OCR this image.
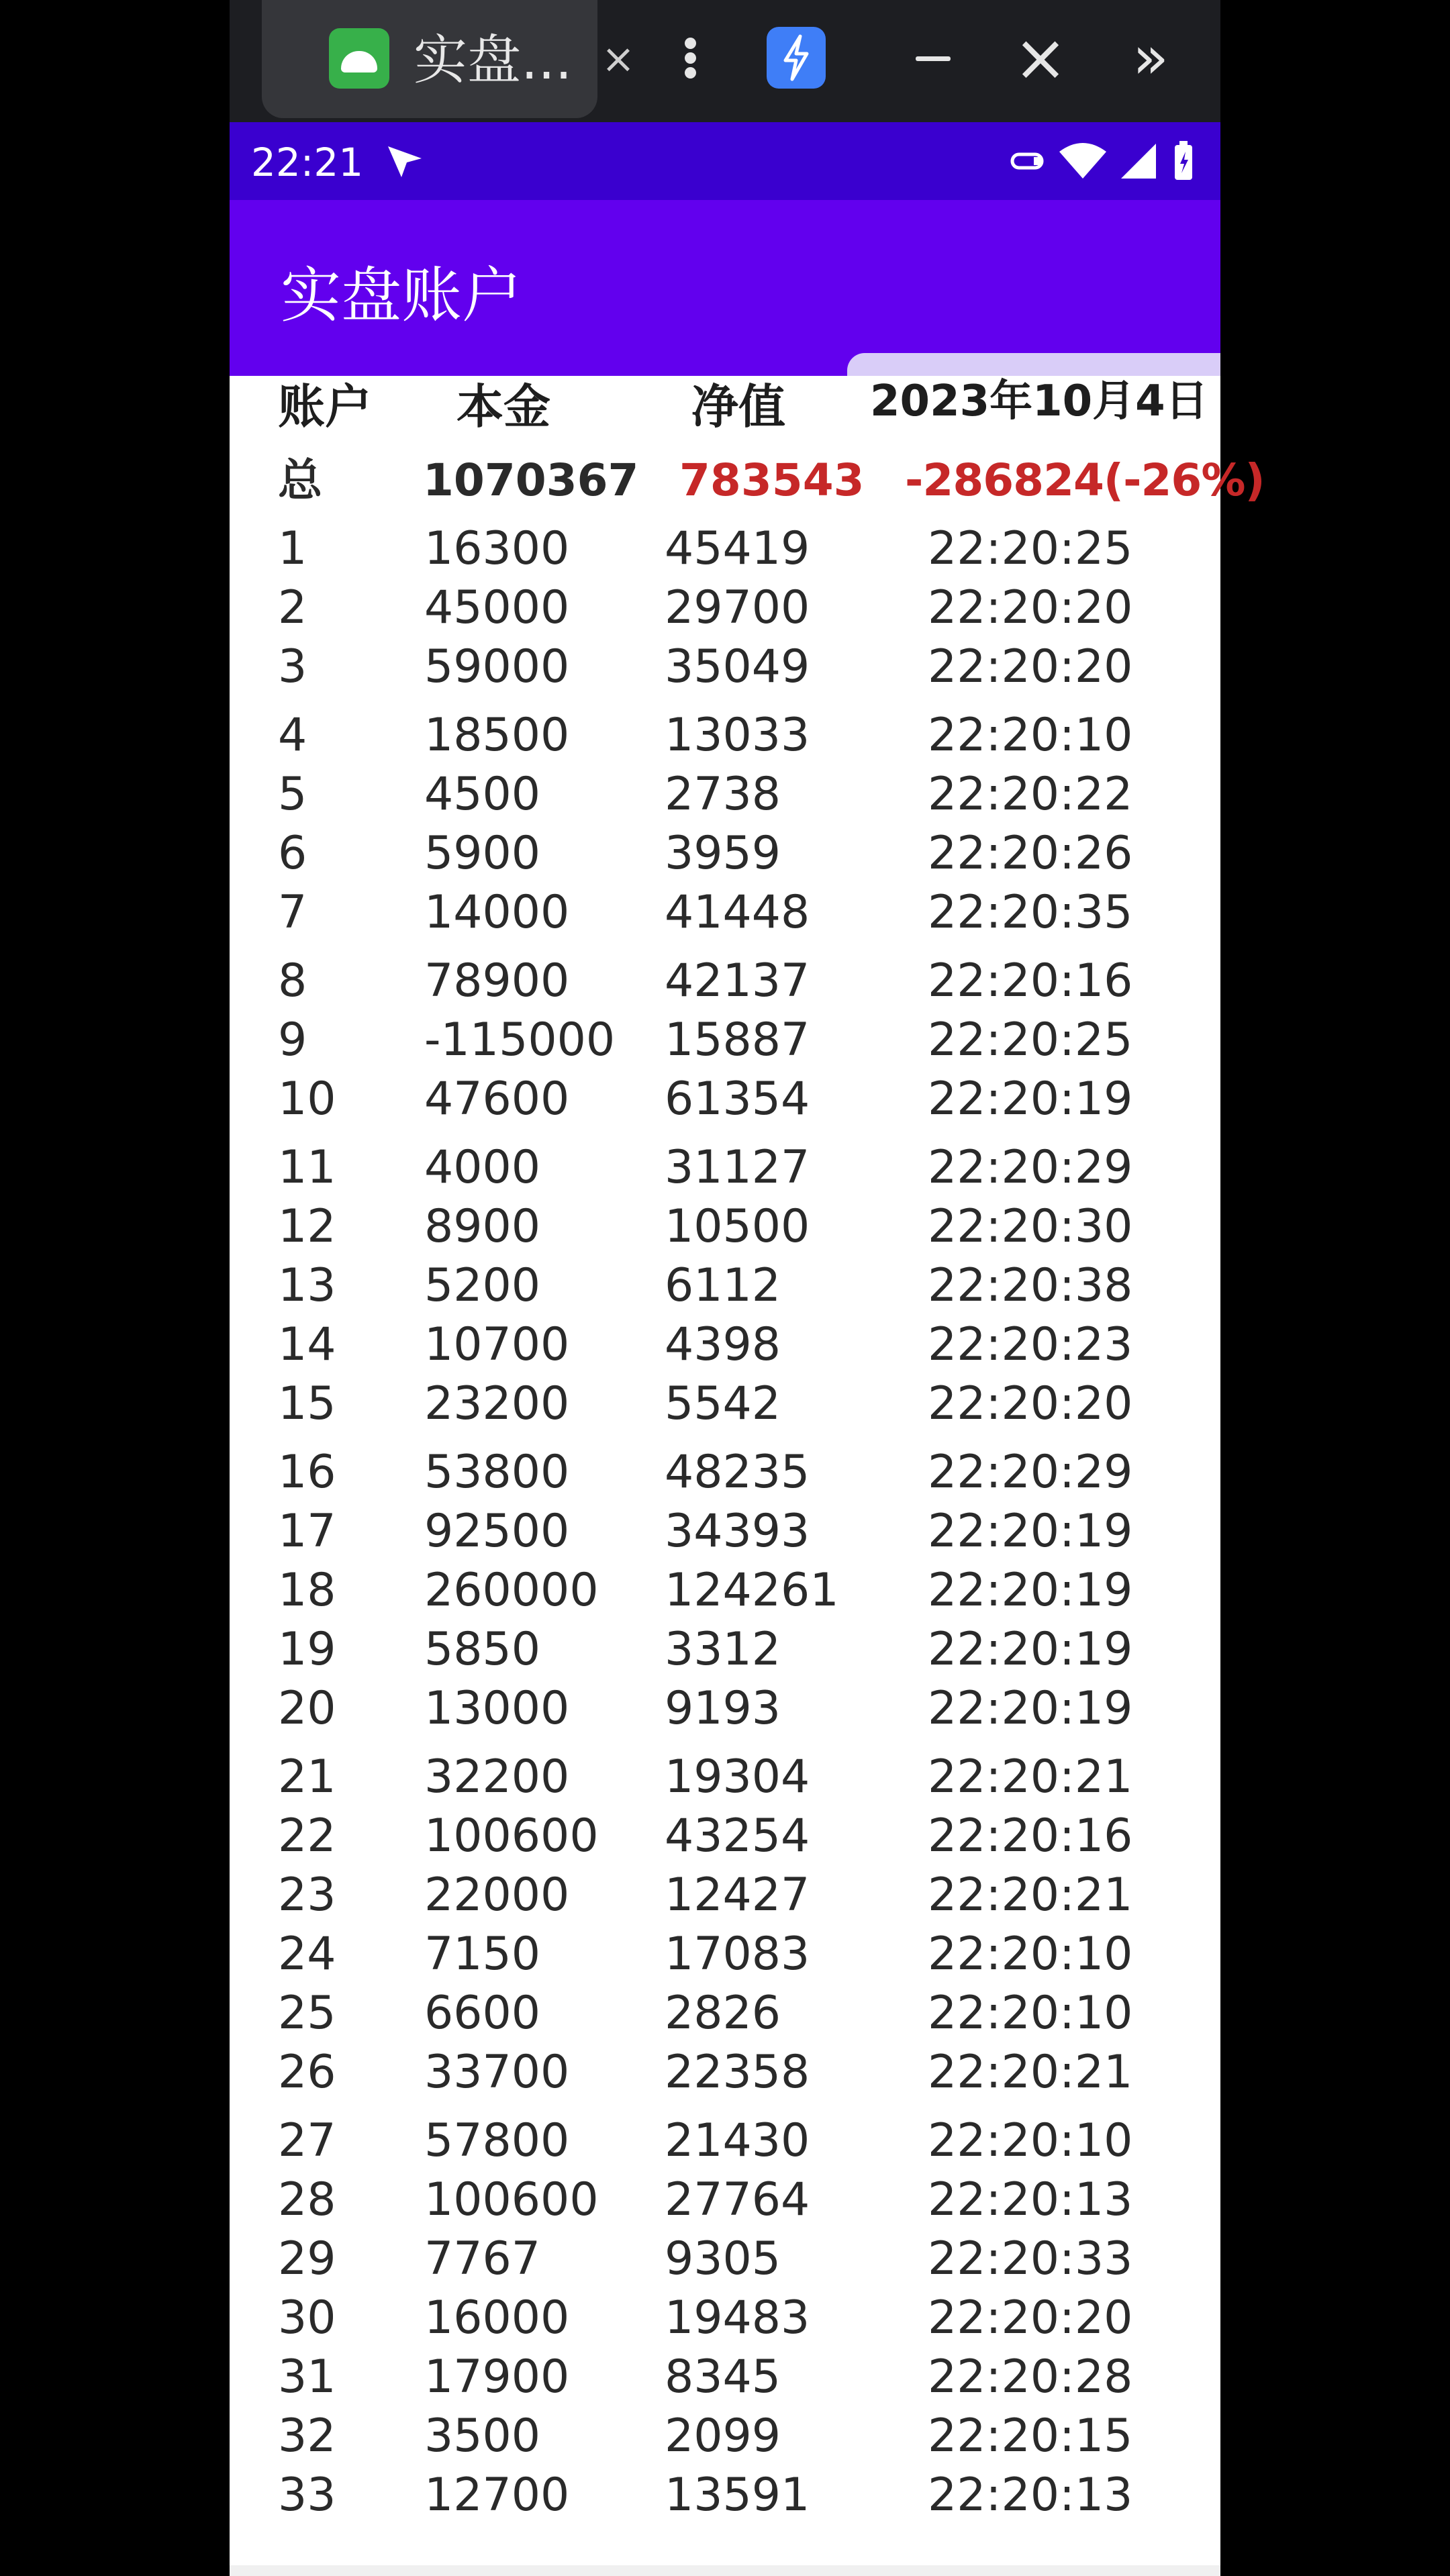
实盘... ×	×	»
22:21
实盘账户
账户 本金	净值 2023年10月4日
总 1070367 783543 -286824(-26%)
1	16300 45419	22:20:25
2	45000 29700	22:20:20
3	59000 35049	22:20:20
4	18500 13033	22:20:10
5	4500	2738	22:20:22
6	5900	3959	22:20:26
7	14000 41448	22:20:35
8	78900 42137	22:20:16
9	-115000 15887	22:20:25
10 47600 61354	22:20:19
11 4000	31127	22:20:29
12 8900	10500	22:20:30
13 5200	6112	22:20:38
14 10700 4398	22:20:23
15 23200 5542	22:20:20
16 53800 48235	22:20:29
17 92500 34393	22:20:19
18 260000 124261 22:20:19
19 5850	3312	22:20:19
20 13000 9193	22:20:19
21 32200 19304	22:20:21
22 100600 43254	22:20:16
23 22000 12427	22:20:21
24 7150	17083	22:20:10
25 6600	2826	22:20:10
26 33700 22358	22:20:21
27 57800 21430	22:20:10
28 100600 27764	22:20:13
29 7767	9305	22:20:33
30 16000 19483	22:20:20
31 17900 8345	22:20:28
32 3500	2099	22:20:15
33 12700 13591	22:20:13
